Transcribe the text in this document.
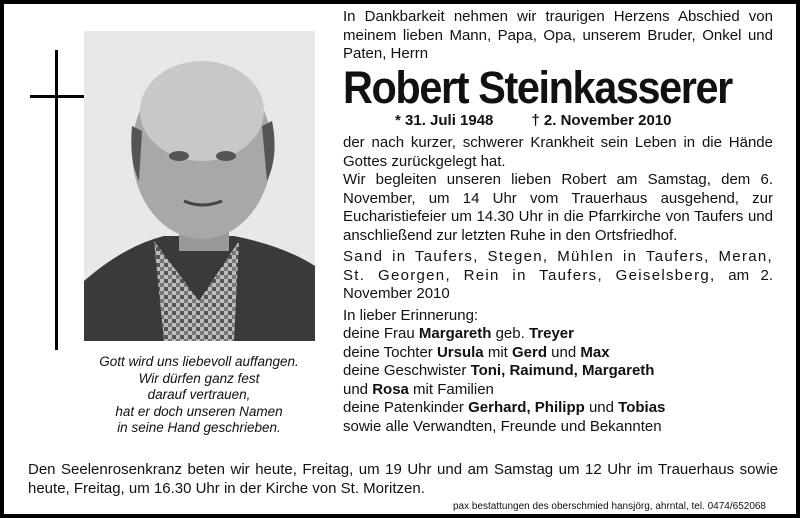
Gott wird uns liebevoll auffangen.
Wir dürfen ganz fest
darauf vertrauen,
hat er doch unseren Namen
in seine Hand geschrieben.
In Dankbarkeit nehmen wir traurigen Herzens Abschied von meinem lieben Mann, Papa, Opa, unserem Bruder, Onkel und Paten, Herrn
Robert Steinkasserer
* 31. Juli 1948	† 2. November 2010
der nach kurzer, schwerer Krankheit sein Leben in die Hände Gottes zurückgelegt hat.
Wir begleiten unseren lieben Robert am Samstag, dem 6. November, um 14 Uhr vom Trauerhaus ausgehend, zur Eucharistiefeier um 14.30 Uhr in die Pfarrkirche von Taufers und anschließend zur letzten Ruhe in den Ortsfriedhof.
Sand in Taufers, Stegen, Mühlen in Taufers, Meran, St. Georgen, Rein in Taufers, Geiselsberg, am 2. November 2010
In lieber Erinnerung:
deine Frau Margareth geb. Treyer
deine Tochter Ursula mit Gerd und Max
deine Geschwister Toni, Raimund, Margareth
und Rosa mit Familien
deine Patenkinder Gerhard, Philipp und Tobias
sowie alle Verwandten, Freunde und Bekannten
Den Seelenrosenkranz beten wir heute, Freitag, um 19 Uhr und am Samstag um 12 Uhr im Trauerhaus sowie heute, Freitag, um 16.30 Uhr in der Kirche von St. Moritzen.
pax bestattungen des oberschmied hansjörg, ahrntal, tel. 0474/652068
